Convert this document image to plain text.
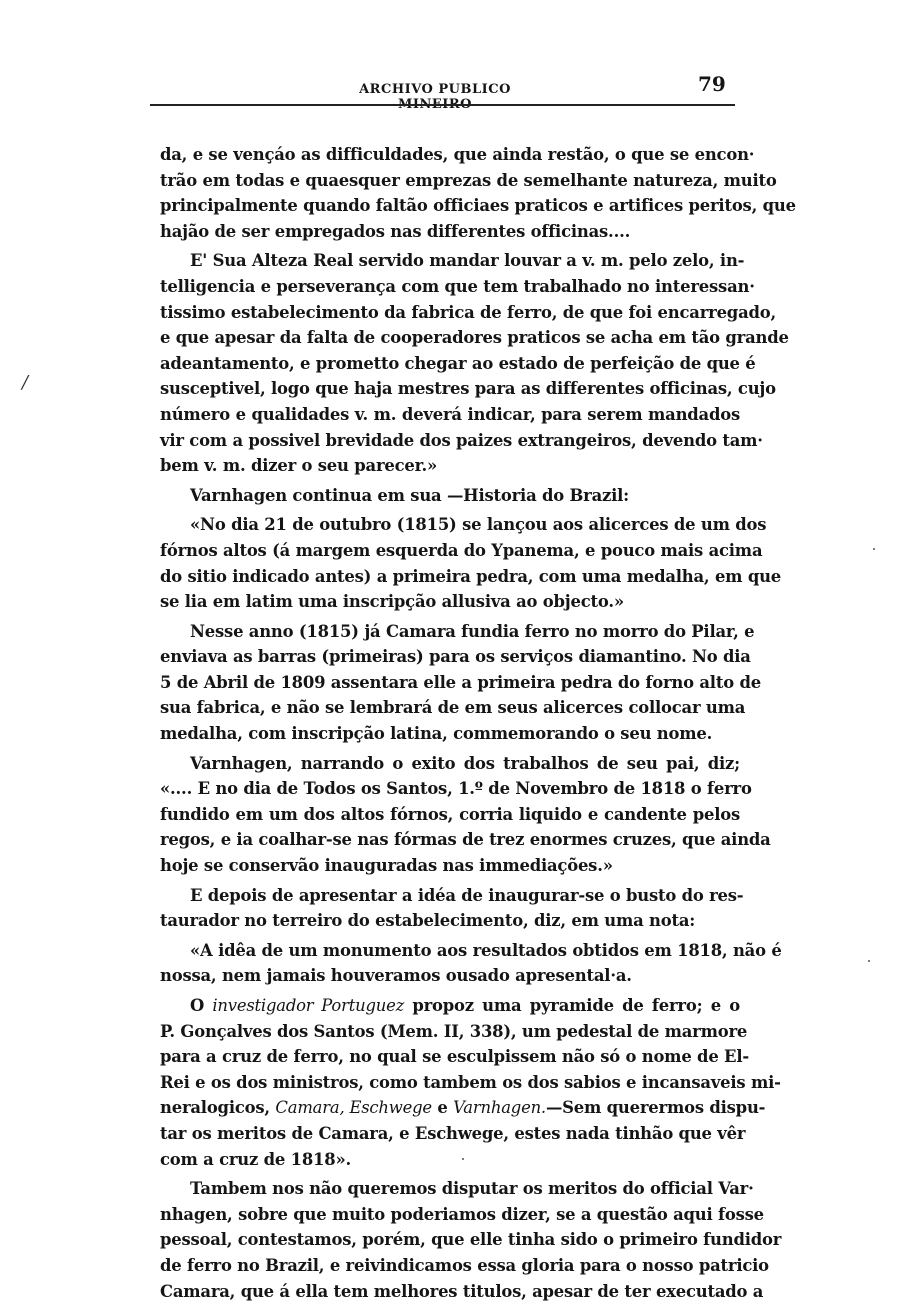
ARCHIVO PUBLICO MINEIRO
79
/
da, e se vençáo as difficuldades, que ainda restão, o que se encon·
trão em todas e quaesquer emprezas de semelhante natureza, muito
principalmente quando faltão officiaes praticos e artifices peritos, que
hajão de ser empregados nas differentes officinas....
E' Sua Alteza Real servido mandar louvar a v. m. pelo zelo, in-
telligencia e perseverança com que tem trabalhado no interessan·
tissimo estabelecimento da fabrica de ferro, de que foi encarregado,
e que apesar da falta de cooperadores praticos se acha em tão grande
adeantamento, e prometto chegar ao estado de perfeição de que é
susceptivel, logo que haja mestres para as differentes officinas, cujo
número e qualidades v. m. deverá indicar, para serem mandados
vir com a possivel brevidade dos paizes extrangeiros, devendo tam·
bem v. m. dizer o seu parecer.»
Varnhagen continua em sua —Historia do Brazil:
«No dia 21 de outubro (1815) se lançou aos alicerces de um dos
fórnos altos (á margem esquerda do Ypanema, e pouco mais acima
do sitio indicado antes) a primeira pedra, com uma medalha, em que
se lia em latim uma inscripção allusiva ao objecto.»
Nesse anno (1815) já Camara fundia ferro no morro do Pilar, e
enviava as barras (primeiras) para os serviços diamantino. No dia
5 de Abril de 1809 assentara elle a primeira pedra do forno alto de
sua fabrica, e não se lembrará de em seus alicerces collocar uma
medalha, com inscripção latina, commemorando o seu nome.
Varnhagen, narrando o exito dos trabalhos de seu pai, diz;
«.... E no dia de Todos os Santos, 1.º de Novembro de 1818 o ferro
fundido em um dos altos fórnos, corria liquido e candente pelos
regos, e ia coalhar-se nas fórmas de trez enormes cruzes, que ainda
hoje se conservão inauguradas nas immediações.»
E depois de apresentar a idéa de inaugurar-se o busto do res-
taurador no terreiro do estabelecimento, diz, em uma nota:
«A idêa de um monumento aos resultados obtidos em 1818, não é
nossa, nem jamais houveramos ousado apresental·a.
O investigador Portuguez propoz uma pyramide de ferro; e o
P. Gonçalves dos Santos (Mem. II, 338), um pedestal de marmore
para a cruz de ferro, no qual se esculpissem não só o nome de El-
Rei e os dos ministros, como tambem os dos sabios e incansaveis mi-
neralogicos, Camara, Eschwege e Varnhagen.—Sem querermos dispu-
tar os meritos de Camara, e Eschwege, estes nada tinhão que vêr
com a cruz de 1818».
Tambem nos não queremos disputar os meritos do official Var·
nhagen, sobre que muito poderiamos dizer, se a questão aqui fosse
pessoal, contestamos, porém, que elle tinha sido o primeiro fundidor
de ferro no Brazil, e reivindicamos essa gloria para o nosso patricio
Camara, que á ella tem melhores titulos, apesar de ter executado a
